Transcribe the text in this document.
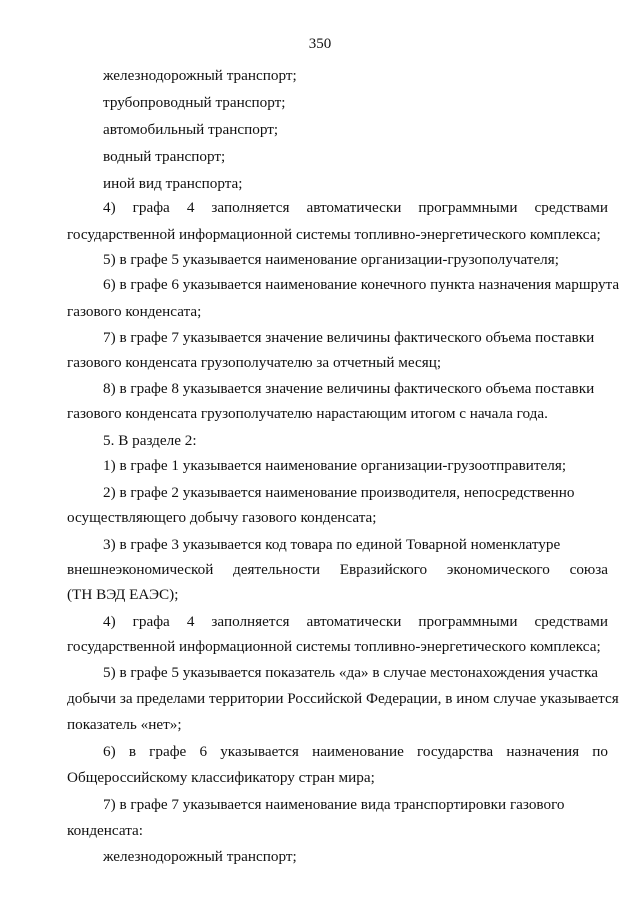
350
железнодорожный транспорт;
трубопроводный транспорт;
автомобильный транспорт;
водный транспорт;
иной вид транспорта;
4) графа 4 заполняется автоматически программными средствами
государственной информационной системы топливно-энергетического комплекса;
5) в графе 5 указывается наименование организации-грузополучателя;
6) в графе 6 указывается наименование конечного пункта назначения маршрута
газового конденсата;
7) в графе 7 указывается значение величины фактического объема поставки
газового конденсата грузополучателю за отчетный месяц;
8) в графе 8 указывается значение величины фактического объема поставки
газового конденсата грузополучателю нарастающим итогом с начала года.
5. В разделе 2:
1) в графе 1 указывается наименование организации-грузоотправителя;
2) в графе 2 указывается наименование производителя, непосредственно
осуществляющего добычу газового конденсата;
3) в графе 3 указывается код товара по единой Товарной номенклатуре
внешнеэкономической деятельности Евразийского экономического союза
(ТН ВЭД ЕАЭС);
4) графа 4 заполняется автоматически программными средствами
государственной информационной системы топливно-энергетического комплекса;
5) в графе 5 указывается показатель «да» в случае местонахождения участка
добычи за пределами территории Российской Федерации, в ином случае указывается
показатель «нет»;
6) в графе 6 указывается наименование государства назначения по
Общероссийскому классификатору стран мира;
7) в графе 7 указывается наименование вида транспортировки газового
конденсата:
железнодорожный транспорт;
